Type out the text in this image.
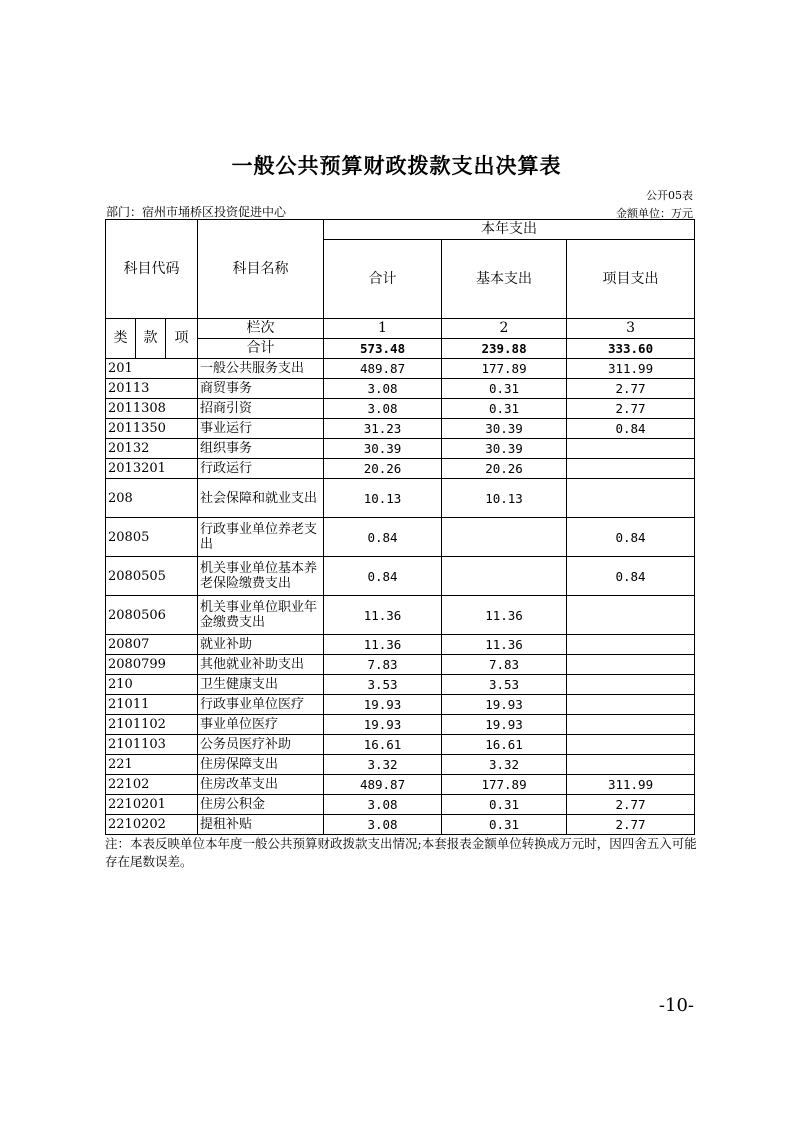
一般公共预算财政拨款支出决算表
公开05表
部门：宿州市埇桥区投资促进中心	金额单位：万元
科目代码			科目名称	本年支出		
				合计	基本支出	项目支出
类	款	项	栏次	1	2	3
			合计	573.48	239.88	333.60
201			一般公共服务支出	489.87	177.89	311.99
20113			商贸事务	3.08	0.31	2.77
2011308			招商引资	3.08	0.31	2.77
2011350			事业运行	31.23	30.39	0.84
20132			组织事务	30.39	30.39	
2013201			行政运行	20.26	20.26	
208			社会保障和就业支出	10.13	10.13	
20805			行政事业单位养老支出	0.84		0.84
2080505			机关事业单位基本养老保险缴费支出	0.84		0.84
2080506			机关事业单位职业年金缴费支出	11.36	11.36	
20807			就业补助	11.36	11.36	
2080799			其他就业补助支出	7.83	7.83	
210			卫生健康支出	3.53	3.53	
21011			行政事业单位医疗	19.93	19.93	
2101102			事业单位医疗	19.93	19.93	
2101103			公务员医疗补助	16.61	16.61	
221			住房保障支出	3.32	3.32	
22102			住房改革支出	489.87	177.89	311.99
2210201			住房公积金	3.08	0.31	2.77
2210202			提租补贴	3.08	0.31	2.77
注：本表反映单位本年度一般公共预算财政拨款支出情况;本套报表金额单位转换成万元时，因四舍五入可能存在尾数误差。
-10-
